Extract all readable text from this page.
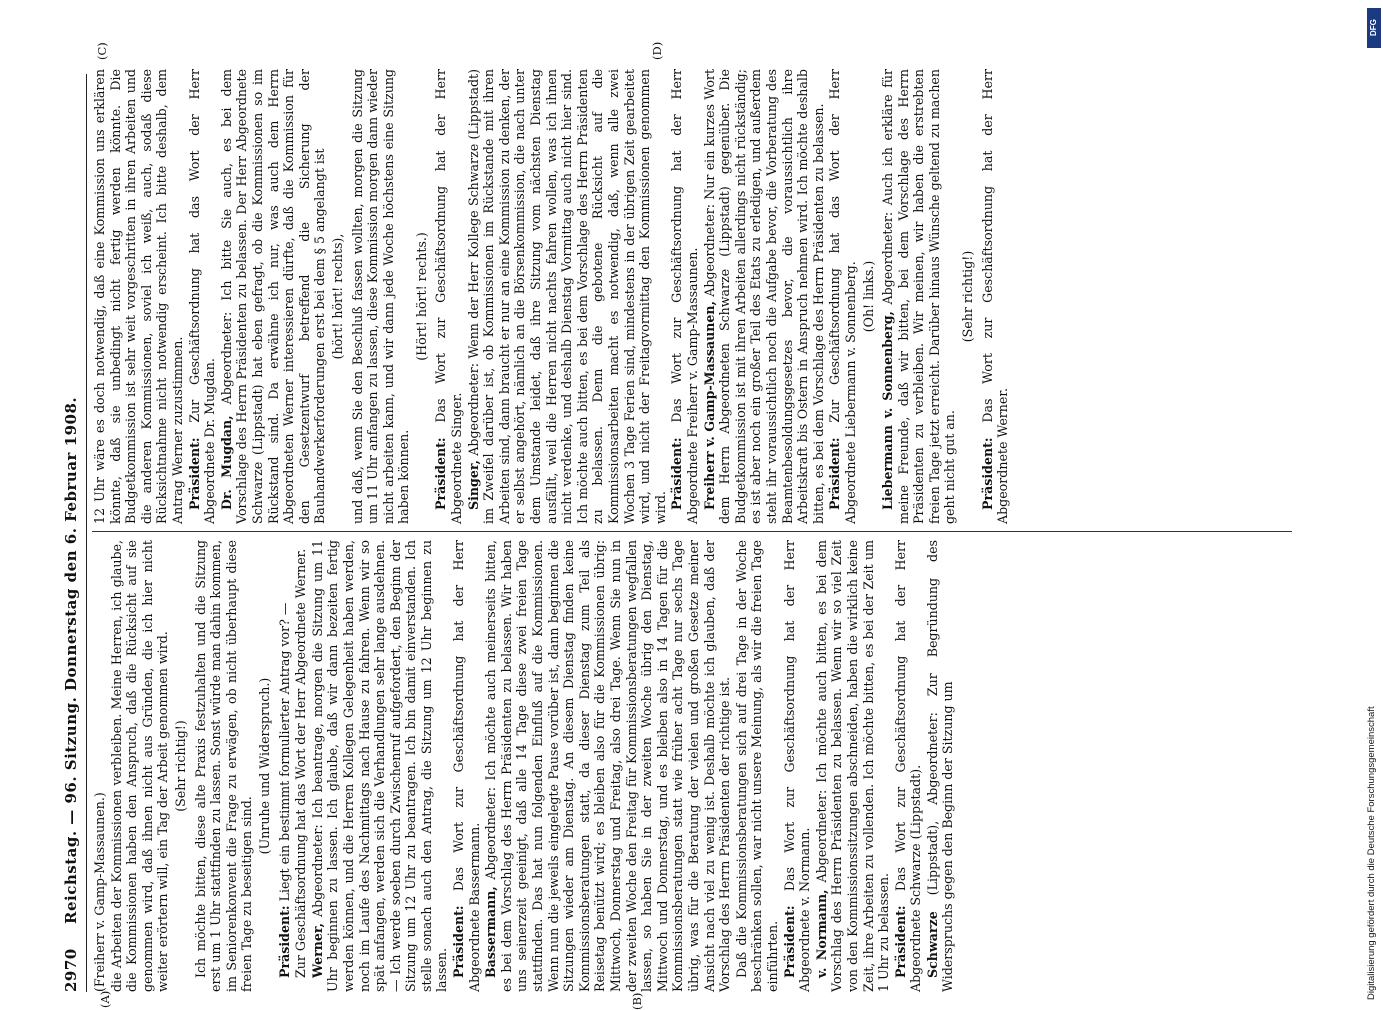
2970
Reichstag. — 96. Sitzung. Donnerstag den 6. Februar 1908.
(A)	(B)
(C)	(D)

(Freiherr v. Gamp-Massaunen.) die Arbeiten der Kommissionen verbleiben. Meine Herren, ich glaube, die Kommissionen haben den Anspruch, daß die Rücksicht auf sie genommen wird, daß ihnen nicht aus Gründen, die ich hier nicht weiter erörtern will, ein Tag der Arbeit genommen wird. (Sehr richtig!) Ich möchte bitten, diese alte Praxis festzuhalten und die Sitzung erst um 1 Uhr stattfinden zu lassen. Sonst würde man dahin kommen, im Seniorenkonvent die Frage zu erwägen, ob nicht überhaupt diese freien Tage zu beseitigen sind.

(Unruhe und Widerspruch.)

Präsident: Liegt ein bestimmt formulierter Antrag vor? — Zur Geschäftsordnung hat das Wort der Herr Abgeordnete Werner. Werner, Abgeordneter: Ich beantrage, morgen die Sitzung um 11 Uhr beginnen zu lassen. Ich glaube, daß wir dann bezeiten fertig werden können, und die Herren Kollegen Gelegenheit haben werden, noch im Laufe des Nachmittags nach Hause zu fahren. Wenn wir so spät anfangen, werden sich die Verhandlungen sehr lange ausdehnen. — Ich werde soeben durch Zwischenruf aufgefordert, den Beginn der Sitzung um 12 Uhr zu beantragen. Ich bin damit einverstanden. Ich stelle sonach auch den Antrag, die Sitzung um 12 Uhr beginnen zu lassen. Präsident: Das Wort zur Geschäftsordnung hat der Herr Abgeordnete Bassermann. Bassermann, Abgeordneter: Ich möchte auch meinerseits bitten, es bei dem Vorschlag des Herrn Präsidenten zu belassen. Wir haben uns seinerzeit geeinigt, daß alle 14 Tage diese zwei freien Tage stattfinden. Das hat nun folgenden Einfluß auf die Kommissionen. Wenn nun die jeweils eingelegte Pause vorüber ist, dann beginnen die Sitzungen wieder am Dienstag. An diesem Dienstag finden keine Kommissionsberatungen statt, da dieser Dienstag zum Teil als Reisetag benützt wird; es bleiben also für die Kommissionen übrig: Mittwoch, Donnerstag und Freitag, also drei Tage. Wenn Sie nun in der zweiten Woche den Freitag für Kommissionsberatungen wegfallen lassen, so haben Sie in der zweiten Woche übrig den Dienstag, Mittwoch und Donnerstag, und es bleiben also in 14 Tagen für die Kommissionsberatungen statt wie früher acht Tage nur sechs Tage übrig, was für die Beratung der vielen und großen Gesetze meiner Ansicht nach viel zu wenig ist. Deshalb möchte ich glauben, daß der Vorschlag des Herrn Präsidenten der richtige ist. Daß die Kommissionsberatungen sich auf drei Tage in der Woche beschränken sollen, war nicht unsere Meinung, als wir die freien Tage einführten. Präsident: Das Wort zur Geschäftsordnung hat der Herr Abgeordnete v. Normann. v. Normann, Abgeordneter: Ich möchte auch bitten, es bei dem Vorschlag des Herrn Präsidenten zu belassen. Wenn wir so viel Zeit von den Kommissionssitzungen abschneiden, haben die wirklich keine Zeit, ihre Arbeiten zu vollenden. Ich möchte bitten, es bei der Zeit um 1 Uhr zu belassen. Präsident: Das Wort zur Geschäftsordnung hat der Herr Abgeordnete Schwarze (Lippstadt). Schwarze (Lippstadt), Abgeordneter: Zur Begründung des Widerspruchs gegen den Beginn der Sitzung um

12 Uhr wäre es doch notwendig, daß eine Kommission uns erklären könnte, daß sie unbedingt nicht fertig werden könnte. Die Budgetkommission ist sehr weit vorgeschritten in ihren Arbeiten und die anderen Kommissionen, soviel ich weiß, auch, sodaß diese Rücksichtnahme nicht notwendig erscheint. Ich bitte deshalb, dem Antrag Werner zuzustimmen. Präsident: Zur Geschäftsordnung hat das Wort der Herr Abgeordnete Dr. Mugdan. Dr. Mugdan, Abgeordneter: Ich bitte Sie auch, es bei dem Vorschlage des Herrn Präsidenten zu belassen. Der Herr Abgeordnete Schwarze (Lippstadt) hat eben gefragt, ob die Kommissionen so im Rückstand sind. Da erwähne ich nur, was auch dem Herrn Abgeordneten Werner interessieren dürfte, daß die Kommission für den Gesetzentwurf betreffend die Sicherung der Bauhandwerkerforderungen erst bei dem § 5 angelangt ist (hört! hört! rechts), und daß, wenn Sie den Beschluß fassen wollten, morgen die Sitzung um 11 Uhr anfangen zu lassen, diese Kommission morgen dann wieder nicht arbeiten kann, und wir dann jede Woche höchstens eine Sitzung haben können.

(Hört! hört! rechts.)

Präsident: Das Wort zur Geschäftsordnung hat der Herr Abgeordnete Singer. Singer, Abgeordneter: Wenn der Herr Kollege Schwarze (Lippstadt) im Zweifel darüber ist, ob Kommissionen im Rückstande mit ihren Arbeiten sind, dann braucht er nur an eine Kommission zu denken, der er selbst angehört, nämlich an die Börsenkommission, die nach unter dem Umstande leidet, daß ihre Sitzung vom nächsten Dienstag ausfällt, weil die Herren nicht nachts fahren wollen, was ich ihnen nicht verdenke, und deshalb Dienstag Vormittag auch nicht hier sind. Ich möchte auch bitten, es bei dem Vorschlage des Herrn Präsidenten zu belassen. Denn die gebotene Rücksicht auf die Kommissionsarbeiten macht es notwendig, daß, wenn alle zwei Wochen 3 Tage Ferien sind, mindestens in der übrigen Zeit gearbeitet wird, und nicht der Freitagvormittag den Kommissionen genommen wird. Präsident: Das Wort zur Geschäftsordnung hat der Herr Abgeordnete Freiherr v. Gamp-Massaunen. Freiherr v. Gamp-Massaunen, Abgeordneter: Nur ein kurzes Wort dem Herrn Abgeordneten Schwarze (Lippstadt) gegenüber. Die Budgetkommission ist mit ihren Arbeiten allerdings nicht rückständig; es ist aber noch ein großer Teil des Etats zu erledigen, und außerdem steht ihr voraussichtlich noch die Aufgabe bevor, die Vorberatung des Beamtenbesoldungsgesetzes bevor, die voraussichtlich ihre Arbeitskraft bis Ostern in Anspruch nehmen wird. Ich möchte deshalb bitten, es bei dem Vorschlage des Herrn Präsidenten zu belassen. Präsident: Zur Geschäftsordnung hat das Wort der Herr Abgeordnete Liebermann v. Sonnenberg. (Oh! links.)

Liebermann v. Sonnenberg, Abgeordneter: Auch ich erkläre für meine Freunde, daß wir bitten, bei dem Vorschlage des Herrn Präsidenten zu verbleiben. Wir meinen, wir haben die erstrebten freien Tage jetzt erreicht. Darüber hinaus Wünsche geltend zu machen geht nicht gut an.

(Sehr richtig!)

Präsident: Das Wort zur Geschäftsordnung hat der Herr Abgeordnete Werner.

DFG
Digitalisierung gefördert durch die Deutsche Forschungsgemeinschaft
